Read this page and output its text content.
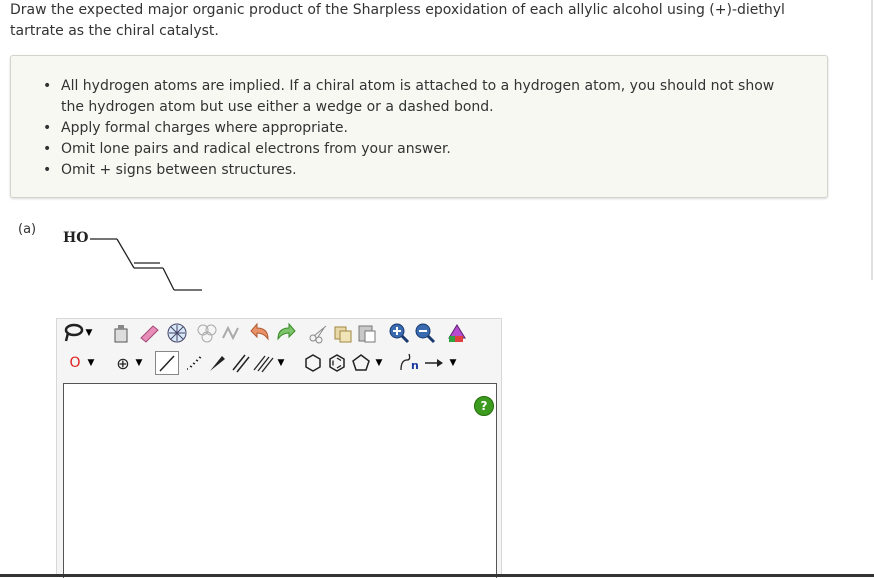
Draw the expected major organic product of the Sharpless epoxidation of each allylic alcohol using (+)-diethyl tartrate as the chiral catalyst.
• All hydrogen atoms are implied. If a chiral atom is attached to a hydrogen atom, you should not show the hydrogen atom but use either a wedge or a dashed bond.
• Apply formal charges where appropriate.
• Omit lone pairs and radical electrons from your answer.
• Omit + signs between structures.
(a)
HO
▼
O ▼ ⊕ ▼	▼	▼	n → ▼
?
